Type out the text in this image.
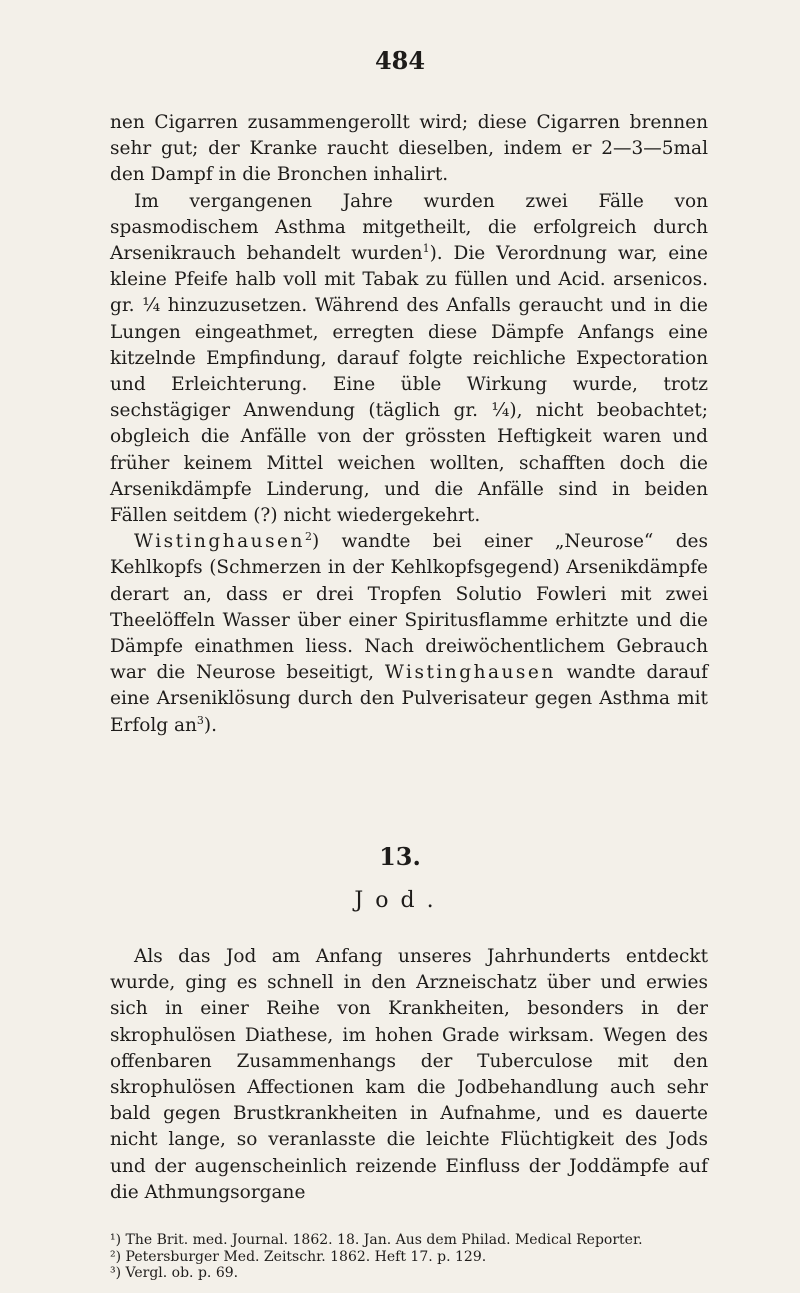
484

nen Cigarren zusammengerollt wird; diese Cigarren brennen sehr gut; der Kranke raucht dieselben, indem er 2—3—5mal den Dampf in die Bronchen inhalirt.

Im vergangenen Jahre wurden zwei Fälle von spasmodischem Asthma mitgetheilt, die erfolgreich durch Arsenikrauch behandelt wurden$^1$). Die Verordnung war, eine kleine Pfeife halb voll mit Tabak zu füllen und Acid. arsenicos. gr. ¼ hinzuzusetzen. Während des Anfalls geraucht und in die Lungen eingeathmet, erregten diese Dämpfe Anfangs eine kitzelnde Empfindung, darauf folgte reichliche Expectoration und Erleichterung. Eine üble Wirkung wurde, trotz sechstägiger Anwendung (täglich gr. ¼), nicht beobachtet; obgleich die Anfälle von der grössten Heftigkeit waren und früher keinem Mittel weichen wollten, schafften doch die Arsenikdämpfe Linderung, und die Anfälle sind in beiden Fällen seitdem (?) nicht wiedergekehrt.

Wistinghausen$^2$) wandte bei einer „Neurose“ des Kehlkopfs (Schmerzen in der Kehlkopfsgegend) Arsenikdämpfe derart an, dass er drei Tropfen Solutio Fowleri mit zwei Theelöffeln Wasser über einer Spiritusflamme erhitzte und die Dämpfe einathmen liess. Nach dreiwöchentlichem Gebrauch war die Neurose beseitigt, Wistinghausen wandte darauf eine Arseniklösung durch den Pulverisateur gegen Asthma mit Erfolg $an^3$).

13.
Jod.

Als das Jod am Anfang unseres Jahrhunderts entdeckt wurde, ging es schnell in den Arzneischatz über und erwies sich in einer Reihe von Krankheiten, besonders in der skrophulösen Diathese, im hohen Grade wirksam. Wegen des offenbaren Zusammenhangs der Tuberculose mit den skrophulösen Affectionen kam die Jodbehandlung auch sehr bald gegen Brustkrankheiten in Aufnahme, und es dauerte nicht lange, so veranlasste die leichte Flüchtigkeit des Jods und der augenscheinlich reizende Einfluss der Joddämpfe auf die Athmungsorgane

¹) The Brit. med. Journal. 1862. 18. Jan. Aus dem Philad. Medical Reporter.
²) Petersburger Med. Zeitschr. 1862. Heft 17. p. 129.
³) Vergl. ob. p. 69.
